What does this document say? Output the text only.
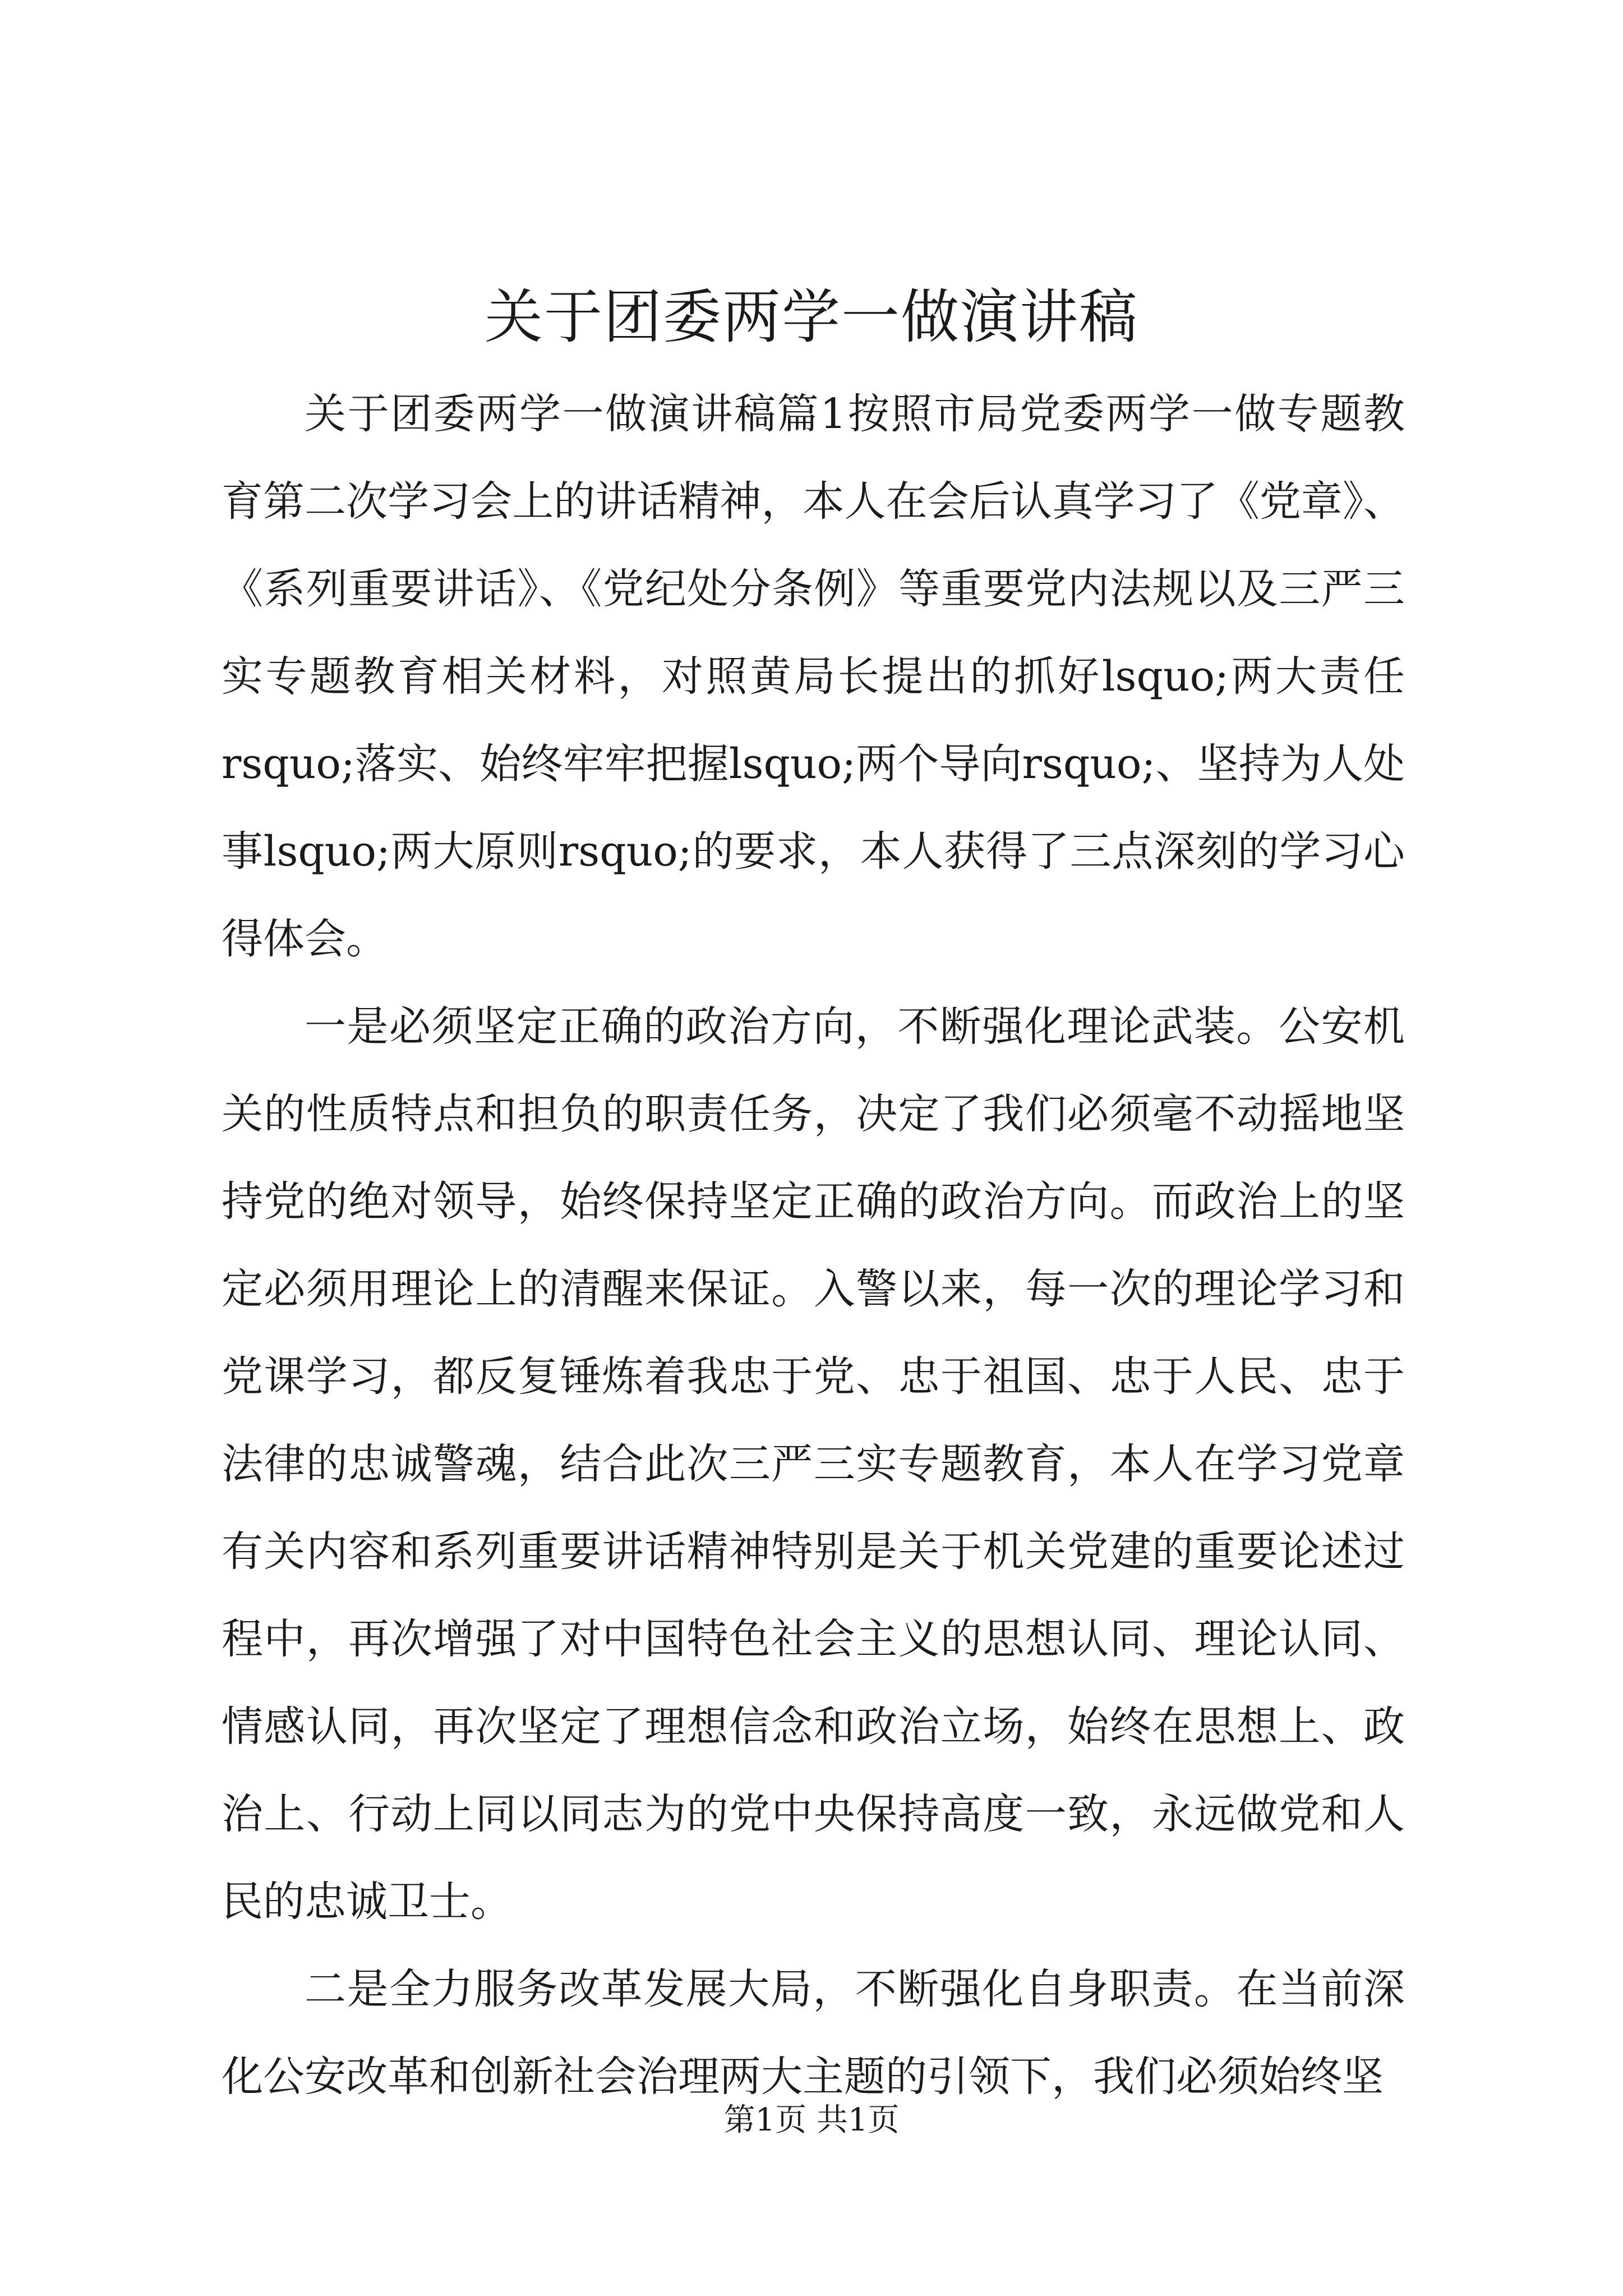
关于团委两学一做演讲稿

关于团委两学一做演讲稿篇1按照市局党委两学一做专题教育第二次学习会上的讲话精神，本人在会后认真学习了《党章》、《系列重要讲话》、《党纪处分条例》等重要党内法规以及三严三实专题教育相关材料，对照黄局长提出的抓好lsquo;两大责任rsquo;落实、始终牢牢把握lsquo;两个导向rsquo;、坚持为人处事lsquo;两大原则rsquo;的要求，本人获得了三点深刻的学习心得体会。

一是必须坚定正确的政治方向，不断强化理论武装。公安机关的性质特点和担负的职责任务，决定了我们必须毫不动摇地坚持党的绝对领导，始终保持坚定正确的政治方向。而政治上的坚定必须用理论上的清醒来保证。入警以来，每一次的理论学习和党课学习，都反复锤炼着我忠于党、忠于祖国、忠于人民、忠于法律的忠诚警魂，结合此次三严三实专题教育，本人在学习党章有关内容和系列重要讲话精神特别是关于机关党建的重要论述过程中，再次增强了对中国特色社会主义的思想认同、理论认同、情感认同，再次坚定了理想信念和政治立场，始终在思想上、政治上、行动上同以同志为的党中央保持高度一致，永远做党和人民的忠诚卫士。

二是全力服务改革发展大局，不断强化自身职责。在当前深化公安改革和创新社会治理两大主题的引领下，我们必须始终坚

第1页 共1页
